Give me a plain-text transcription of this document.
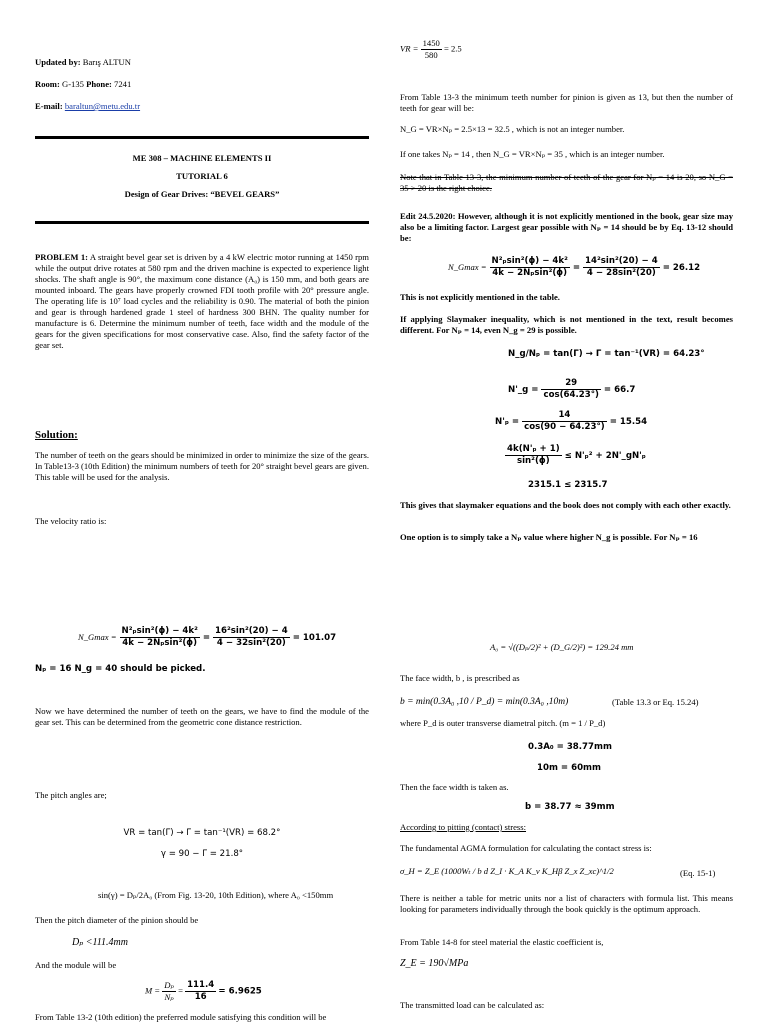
Updated by: Barış ALTUN
Room: G-135 Phone: 7241
E-mail: baraltun@metu.edu.tr
ME 308 – MACHINE ELEMENTS II
TUTORIAL 6
Design of Gear Drives: “BEVEL GEARS”
PROBLEM 1: A straight bevel gear set is driven by a 4 kW electric motor running at 1450 rpm while the output drive rotates at 580 rpm and the driven machine is expected to experience light shocks. The shaft angle is 90°, the maximum cone distance (A₀) is 150 mm, and both gears are mounted inboard. The gears have properly crowned FDI tooth profile with 20° pressure angle. The operating life is 10⁷ load cycles and the reliability is 0.90. The material of both the pinion and gear is through hardened grade 1 steel of hardness 300 BHN. The quality number for manufacture is 6. Determine the minimum number of teeth, face width and the module of the gears for the given specifications for most conservative case. Also, find the safety factor of the gear set.
Solution:
The number of teeth on the gears should be minimized in order to minimize the size of the gears. In Table13-3 (10th Edition) the minimum numbers of teeth for 20° straight bevel gears are given. This table will be used for the analysis.
The velocity ratio is:
N_Gmax = $\frac{\text{N²ₚsin²(ϕ) − 4k²}}{\text{4k − 2Nₚsin²(ϕ)}} = \frac{\text{16²sin²(20) − 4}}{\text{4 − 32sin²(20)}} = 101.07$
Nₚ = 16 N_g = 40 should be picked.
Now we have determined the number of teeth on the gears, we have to find the module of the gear set. This can be determined from the geometric cone distance restriction.
The pitch angles are;
VR = tan(Γ) → Γ = tan⁻¹(VR) = 68.2°
γ = 90 − Γ = 21.8°
sin(γ) = Dₚ/2A₀ (From Fig. 13-20, 10th Edition), where A₀ <150mm
Then the pitch diameter of the pinion should be
Dₚ <111.4mm
And the module will be
$M = \frac{\text{Dₚ}}{\text{Nₚ}} = \frac{111.4}{16} = 6.9625$
From Table 13-2 (10th edition) the preferred module satisfying this condition will be
VR = $\frac{1450}{580} = 2.5$
From Table 13-3 the minimum teeth number for pinion is given as 13, but then the number of teeth for gear will be:
N_G = VR×Nₚ = 2.5×13 = 32.5 , which is not an integer number.
If one takes Nₚ = 14 , then N_G = VR×Nₚ = 35 , which is an integer number.
Note that in Table 13-3, the minimum number of teeth of the gear for Nₚ = 14 is 20, so N_G = 35 > 20 is the right choice.
Edit 24.5.2020: However, although it is not explicitly mentioned in the book, gear size may also be a limiting factor. Largest gear possible with Nₚ = 14 should be by Eq. 13-12 should be:
N_Gmax = $\frac{\text{N²ₚsin²(ϕ) − 4k²}}{\text{4k − 2Nₚsin²(ϕ)}} = \frac{\text{14²sin²(20) − 4}}{\text{4 − 28sin²(20)}} = 26.12$
This is not explicitly mentioned in the table.
If applying Slaymaker inequality, which is not mentioned in the text, result becomes different. For Nₚ = 14, even N_g = 29 is possible.
N_g/Nₚ = tan(Γ) → Γ = tan⁻¹(VR) = 64.23°
N'_g = $\frac{29}{\cos(64.23^\circ)} = 66.7$
$N'_p = \frac{14}{\cos(90 - 64.23^\circ)} = 15.54$
$\frac{\text{4k(N'ₚ + 1)}}{\text{sin²(ϕ)}} \le N'_p^2$ + 2N'_gN'ₚ
2315.1 ≤ 2315.7
This gives that slaymaker equations and the book does not comply with each other exactly.
One option is to simply take a Nₚ value where higher N_g is possible. For Nₚ = 16
A₀ = √((Dₚ/2)² + (D_G/2)²) = 129.24 mm
The face width, b , is prescribed as
b = min(0.3A₀ ,10 / P_d) = min(0.3A₀ ,10m)	(Table 13.3 or Eq. 15.24)
where P_d is outer transverse diametral pitch. (m = 1 / P_d)
0.3A₀ = 38.77mm
10m = 60mm
Then the face width is taken as.
b = 38.77 ≈ 39mm
According to pitting (contact) stress:
The fundamental AGMA formulation for calculating the contact stress is:
σ_H = Z_E (1000Wₜ / b d Z_I · K_A K_v K_Hβ Z_x Z_xc)^1/2	(Eq. 15-1)
There is neither a table for metric units nor a list of characters with formula list. This means looking for parameters individually through the book quickly is the optimum approach.
From Table 14-8 for steel material the elastic coefficient is,
Z_E = 190√MPa
The transmitted load can be calculated as:
